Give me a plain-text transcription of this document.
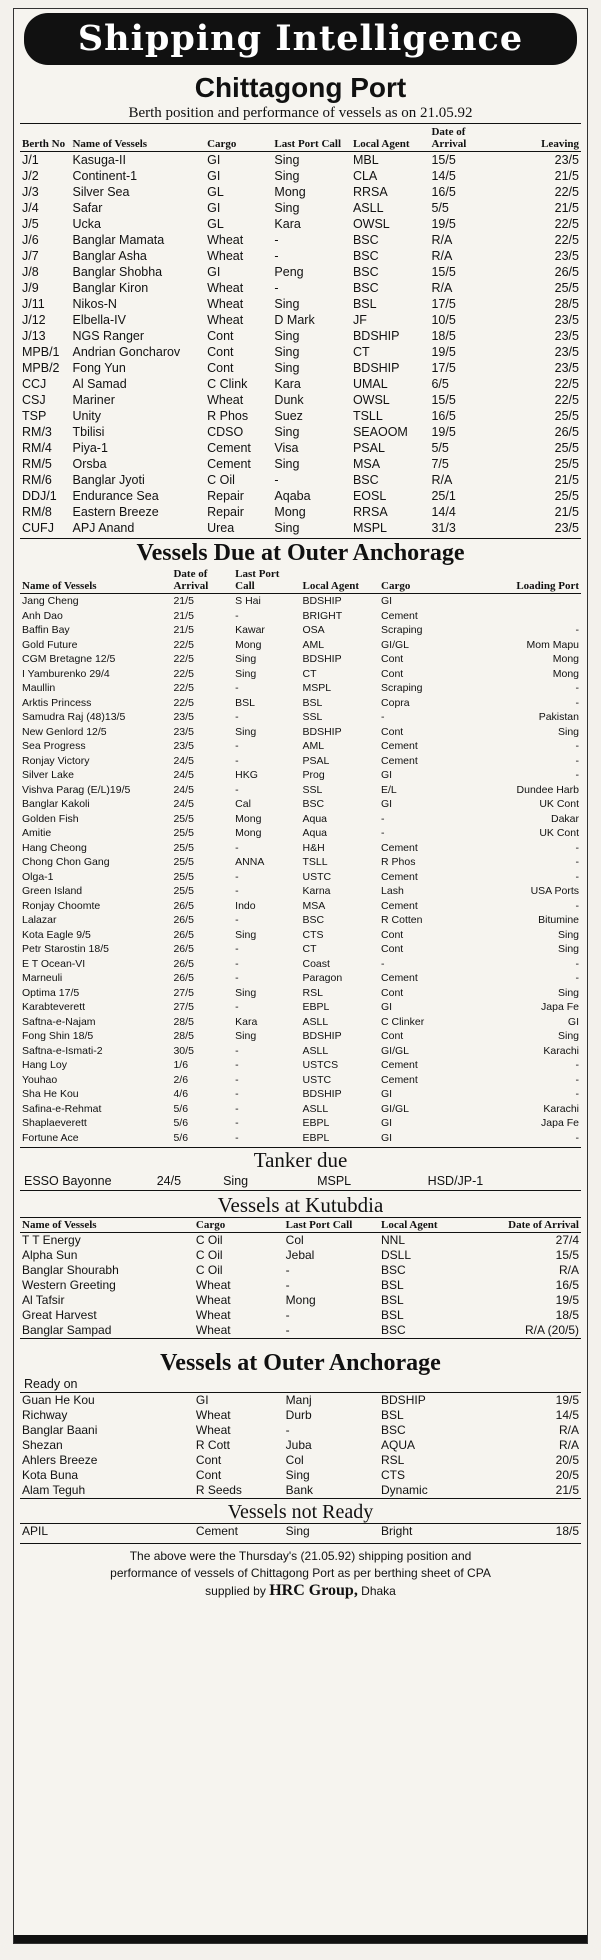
Shipping Intelligence
Chittagong Port
Berth position and performance of vessels as on 21.05.92
Berth No	Name of Vessels	Cargo	Last Port Call	Local Agent	Date of Arrival	Leaving
J/1	Kasuga-II	GI	Sing	MBL	15/5	23/5
J/2	Continent-1	GI	Sing	CLA	14/5	21/5
J/3	Silver Sea	GL	Mong	RRSA	16/5	22/5
J/4	Safar	GI	Sing	ASLL	5/5	21/5
J/5	Ucka	GL	Kara	OWSL	19/5	22/5
J/6	Banglar Mamata	Wheat	-	BSC	R/A	22/5
J/7	Banglar Asha	Wheat	-	BSC	R/A	23/5
J/8	Banglar Shobha	GI	Peng	BSC	15/5	26/5
J/9	Banglar Kiron	Wheat	-	BSC	R/A	25/5
J/11	Nikos-N	Wheat	Sing	BSL	17/5	28/5
J/12	Elbella-IV	Wheat	D Mark	JF	10/5	23/5
J/13	NGS Ranger	Cont	Sing	BDSHIP	18/5	23/5
MPB/1	Andrian Goncharov	Cont	Sing	CT	19/5	23/5
MPB/2	Fong Yun	Cont	Sing	BDSHIP	17/5	23/5
CCJ	Al Samad	C Clink	Kara	UMAL	6/5	22/5
CSJ	Mariner	Wheat	Dunk	OWSL	15/5	22/5
TSP	Unity	R Phos	Suez	TSLL	16/5	25/5
RM/3	Tbilisi	CDSO	Sing	SEAOOM	19/5	26/5
RM/4	Piya-1	Cement	Visa	PSAL	5/5	25/5
RM/5	Orsba	Cement	Sing	MSA	7/5	25/5
RM/6	Banglar Jyoti	C Oil	-	BSC	R/A	21/5
DDJ/1	Endurance Sea	Repair	Aqaba	EOSL	25/1	25/5
RM/8	Eastern Breeze	Repair	Mong	RRSA	14/4	21/5
CUFJ	APJ Anand	Urea	Sing	MSPL	31/3	23/5
Vessels Due at Outer Anchorage
Name of Vessels	Date of Arrival	Last Port Call	Local Agent	Cargo	Loading Port
Jang Cheng	21/5	S Hai	BDSHIP	GI	
Anh Dao	21/5	-	BRIGHT	Cement	
Baffin Bay	21/5	Kawar	OSA	Scraping	-
Gold Future	22/5	Mong	AML	GI/GL	Mom Mapu
CGM Bretagne 12/5	22/5	Sing	BDSHIP	Cont	Mong
I Yamburenko 29/4	22/5	Sing	CT	Cont	Mong
Maullin	22/5	-	MSPL	Scraping	-
Arktis Princess	22/5	BSL	BSL	Copra	-
Samudra Raj (48)13/5	23/5	-	SSL	-	Pakistan
New Genlord 12/5	23/5	Sing	BDSHIP	Cont	Sing
Sea Progress	23/5	-	AML	Cement	-
Ronjay Victory	24/5	-	PSAL	Cement	-
Silver Lake	24/5	HKG	Prog	GI	-
Vishva Parag (E/L)19/5	24/5	-	SSL	E/L	Dundee Harb
Banglar Kakoli	24/5	Cal	BSC	GI	UK Cont
Golden Fish	25/5	Mong	Aqua	-	Dakar
Amitie	25/5	Mong	Aqua	-	UK Cont
Hang Cheong	25/5	-	H&H	Cement	-
Chong Chon Gang	25/5	ANNA	TSLL	R Phos	-
Olga-1	25/5	-	USTC	Cement	-
Green Island	25/5	-	Karna	Lash	USA Ports
Ronjay Choomte	26/5	Indo	MSA	Cement	-
Lalazar	26/5	-	BSC	R Cotten	Bitumine
Kota Eagle 9/5	26/5	Sing	CTS	Cont	Sing
Petr Starostin 18/5	26/5	-	CT	Cont	Sing
E T Ocean-VI	26/5	-	Coast	-	-
Marneuli	26/5	-	Paragon	Cement	-
Optima 17/5	27/5	Sing	RSL	Cont	Sing
Karabteverett	27/5	-	EBPL	GI	Japa Fe
Saftna-e-Najam	28/5	Kara	ASLL	C Clinker	GI
Fong Shin 18/5	28/5	Sing	BDSHIP	Cont	Sing
Saftna-e-Ismati-2	30/5	-	ASLL	GI/GL	Karachi
Hang Loy	1/6	-	USTCS	Cement	-
Youhao	2/6	-	USTC	Cement	-
Sha He Kou	4/6	-	BDSHIP	GI	-
Safina-e-Rehmat	5/6	-	ASLL	GI/GL	Karachi
Shaplaeverett	5/6	-	EBPL	GI	Japa Fe
Fortune Ace	5/6	-	EBPL	GI	-
Tanker due
ESSO Bayonne	24/5	Sing	MSPL	HSD/JP-1
Vessels at Kutubdia
Name of Vessels	Cargo	Last Port Call	Local Agent	Date of Arrival
T T Energy	C Oil	Col	NNL	27/4
Alpha Sun	C Oil	Jebal	DSLL	15/5
Banglar Shourabh	C Oil	-	BSC	R/A
Western Greeting	Wheat	-	BSL	16/5
Al Tafsir	Wheat	Mong	BSL	19/5
Great Harvest	Wheat	-	BSL	18/5
Banglar Sampad	Wheat	-	BSC	R/A (20/5)
Vessels at Outer Anchorage
Ready on
Guan He Kou	GI	Manj	BDSHIP	19/5
Richway	Wheat	Durb	BSL	14/5
Banglar Baani	Wheat	-	BSC	R/A
Shezan	R Cott	Juba	AQUA	R/A
Ahlers Breeze	Cont	Col	RSL	20/5
Kota Buna	Cont	Sing	CTS	20/5
Alam Teguh	R Seeds	Bank	Dynamic	21/5
Vessels not Ready
APIL	Cement	Sing	Bright	18/5
The above were the Thursday's (21.05.92) shipping position and
performance of vessels of Chittagong Port as per berthing sheet of CPA
supplied by HRC Group, Dhaka
